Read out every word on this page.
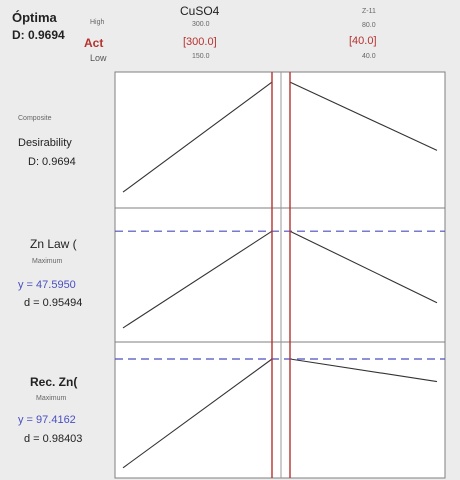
Óptima
D: 0.9694
High
Act
Low
CuSO4
300.0
[300.0]
150.0
Z-11
80.0
[40.0]
40.0
Composite
Desirability
D: 0.9694
Zn Law (
Maximum
y = 47.5950
d = 0.95494
Rec. Zn(
Maximum
y = 97.4162
d = 0.98403
